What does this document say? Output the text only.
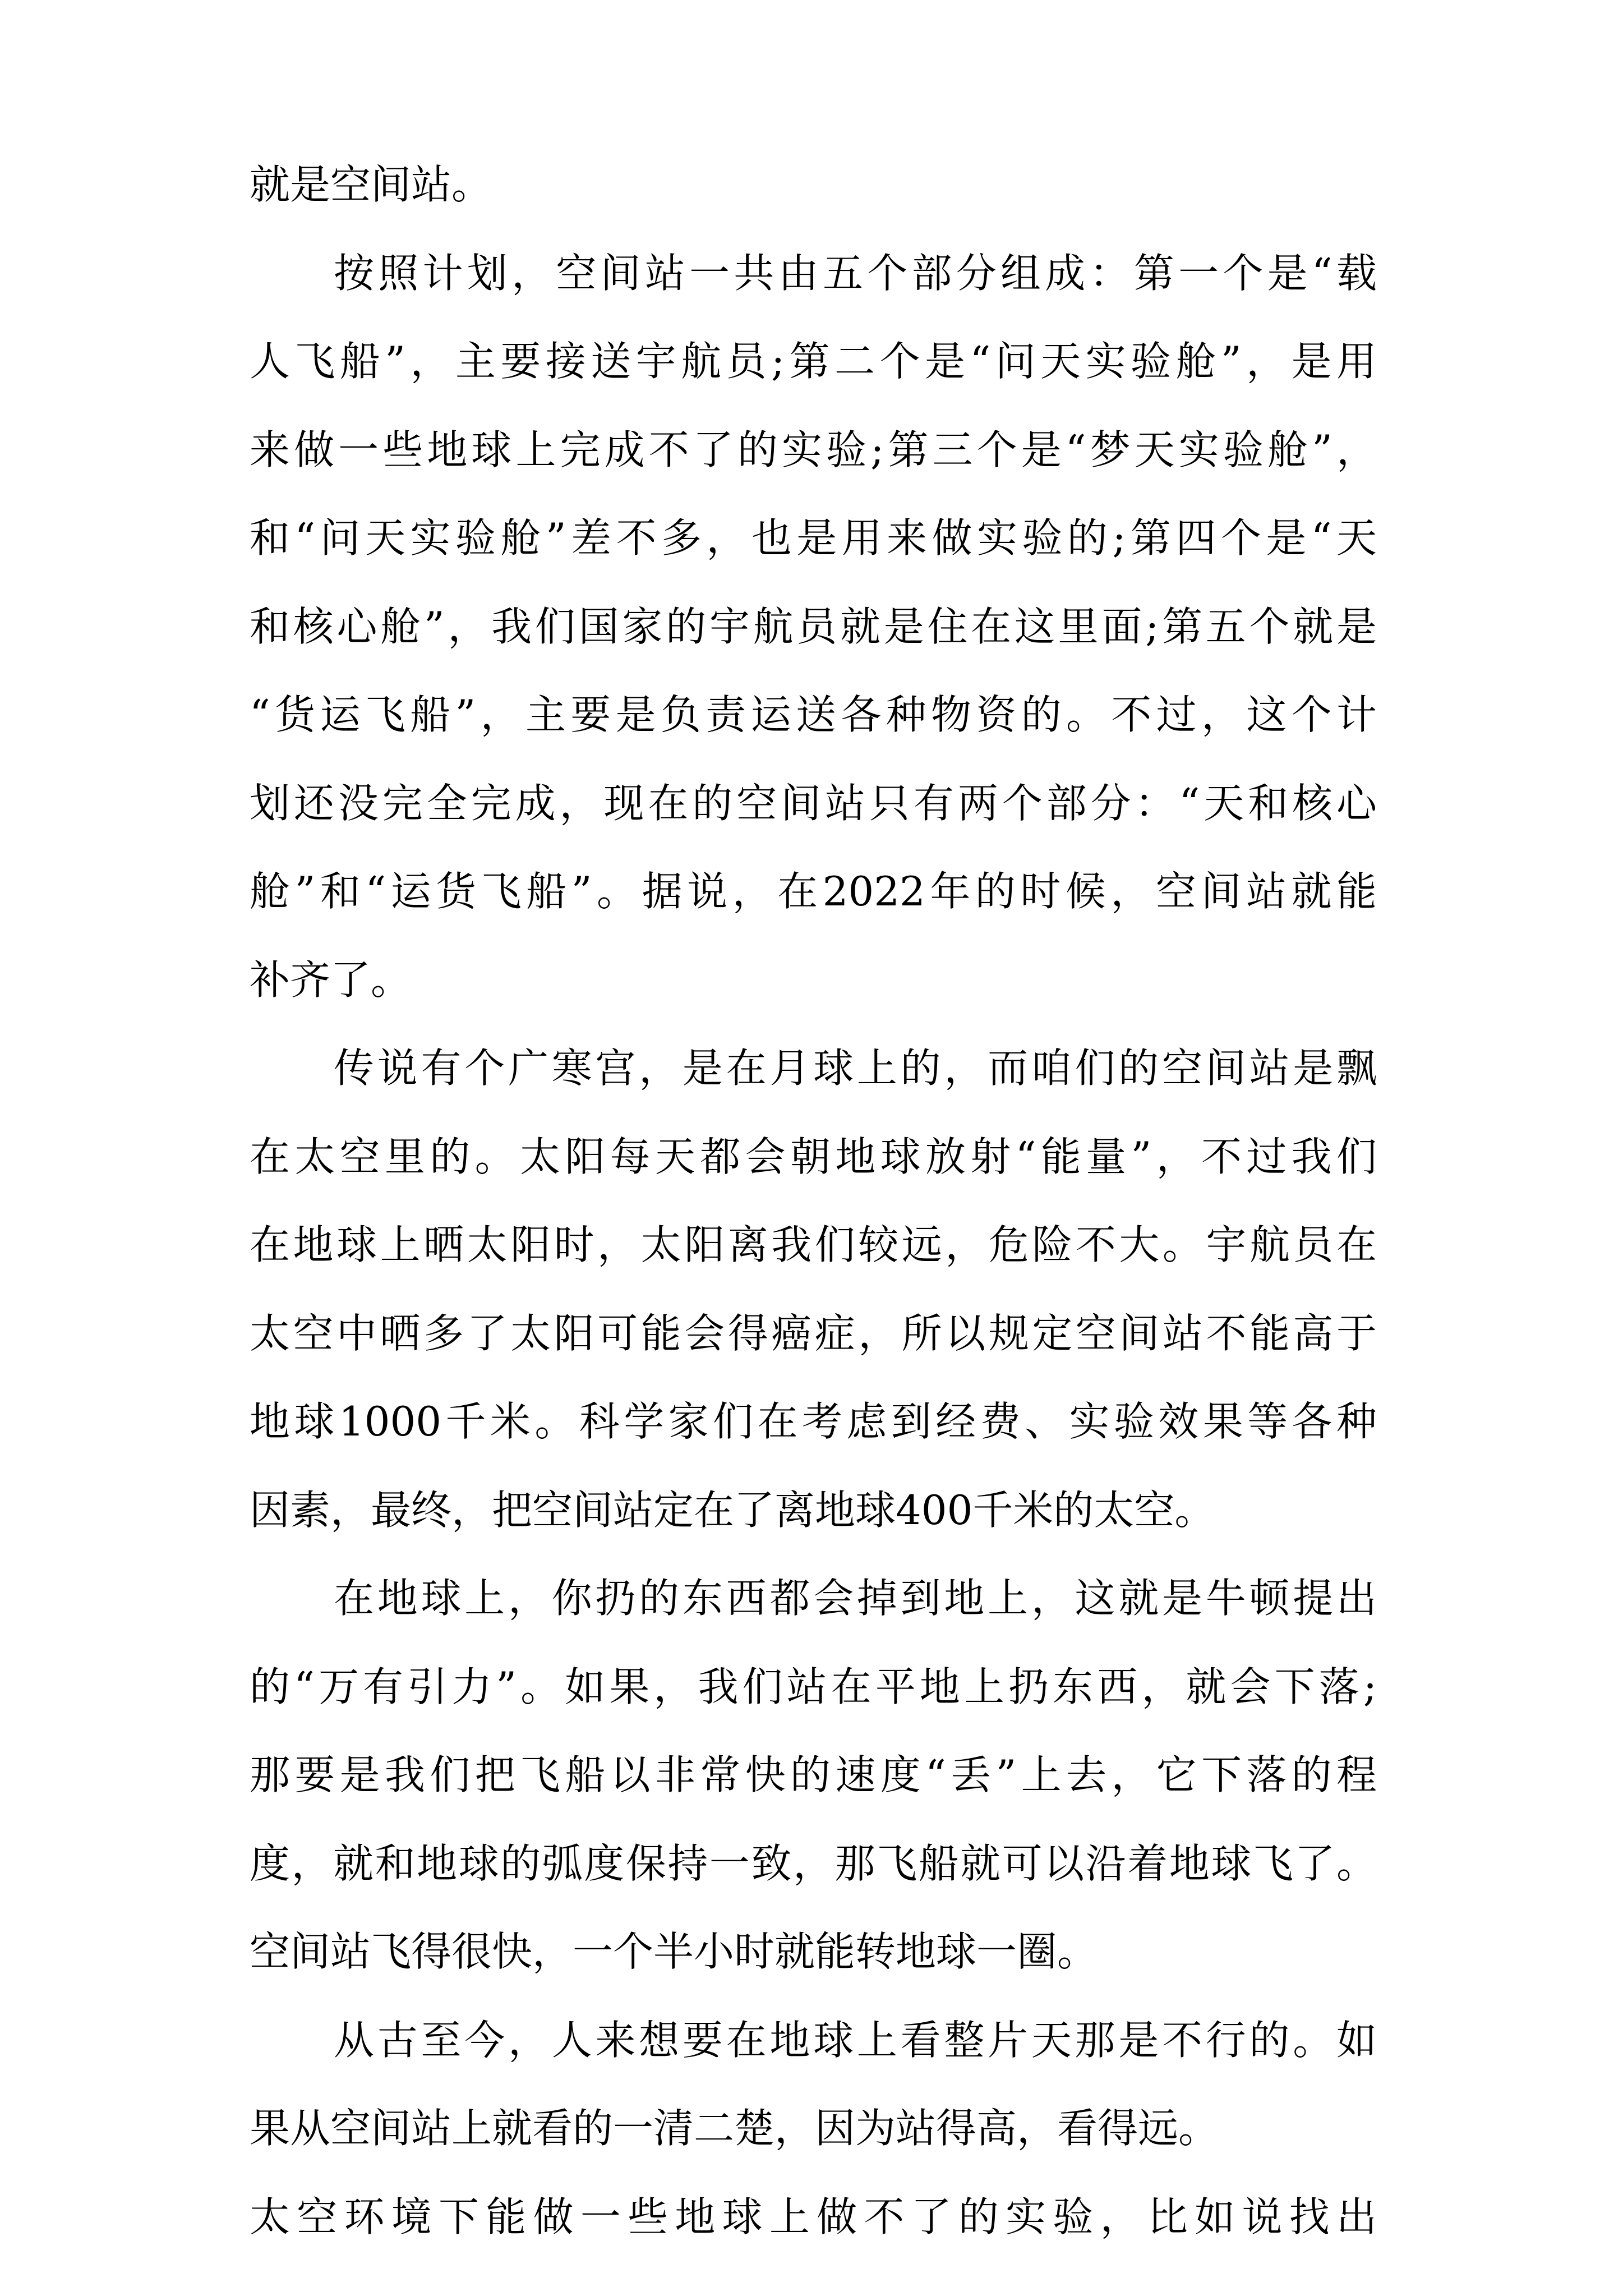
就是空间站。
按照计划，空间站一共由五个部分组成：第一个是“载
人飞船”，主要接送宇航员;第二个是“问天实验舱”，是用
来做一些地球上完成不了的实验;第三个是“梦天实验舱”，
和“问天实验舱”差不多，也是用来做实验的;第四个是“天
和核心舱”，我们国家的宇航员就是住在这里面;第五个就是
“货运飞船”，主要是负责运送各种物资的。不过，这个计
划还没完全完成，现在的空间站只有两个部分：“天和核心
舱”和“运货飞船”。据说，在2022年的时候，空间站就能
补齐了。
传说有个广寒宫，是在月球上的，而咱们的空间站是飘
在太空里的。太阳每天都会朝地球放射“能量”，不过我们
在地球上晒太阳时，太阳离我们较远，危险不大。宇航员在
太空中晒多了太阳可能会得癌症，所以规定空间站不能高于
地球1000千米。科学家们在考虑到经费、实验效果等各种
因素，最终，把空间站定在了离地球400千米的太空。
在地球上，你扔的东西都会掉到地上，这就是牛顿提出
的“万有引力”。如果，我们站在平地上扔东西，就会下落;
那要是我们把飞船以非常快的速度“丢”上去，它下落的程
度，就和地球的弧度保持一致，那飞船就可以沿着地球飞了。
空间站飞得很快，一个半小时就能转地球一圈。
从古至今，人来想要在地球上看整片天那是不行的。如
果从空间站上就看的一清二楚，因为站得高，看得远。
太空环境下能做一些地球上做不了的实验，比如说找出
